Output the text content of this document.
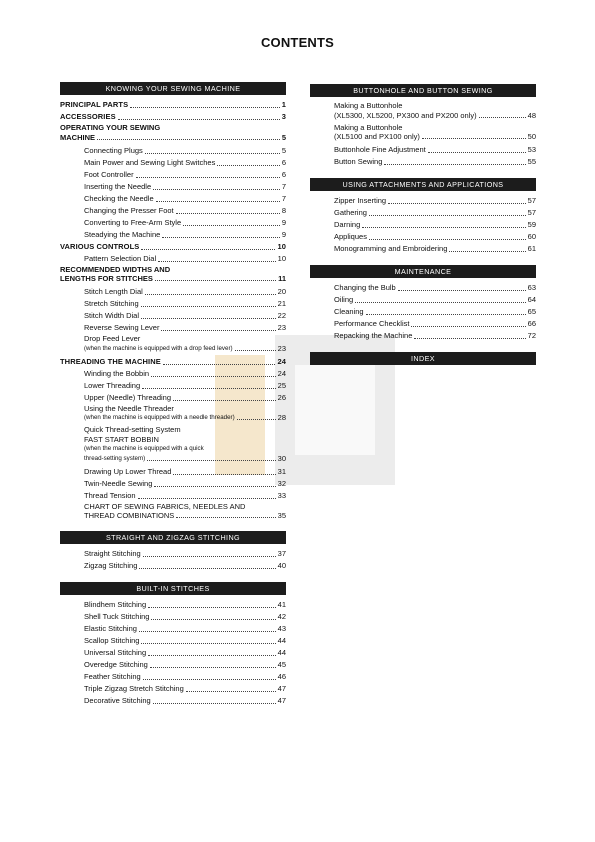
CONTENTS
KNOWING YOUR SEWING MACHINE
PRINCIPAL PARTS	1
ACCESSORIES	3
OPERATING YOUR SEWING
MACHINE	5
Connecting Plugs	5
Main Power and Sewing Light Switches	6
Foot Controller	6
Inserting the Needle	7
Checking the Needle	7
Changing the Presser Foot	8
Converting to Free-Arm Style	9
Steadying the Machine	9
VARIOUS CONTROLS	10
Pattern Selection Dial	10
RECOMMENDED WIDTHS AND
LENGTHS FOR STITCHES	11
Stitch Length Dial	20
Stretch Stitching	21
Stitch Width Dial	22
Reverse Sewing Lever	23
Drop Feed Lever
(when the machine is equipped with a drop feed lever)	23
THREADING THE MACHINE	24
Winding the Bobbin	24
Lower Threading	25
Upper (Needle) Threading	26
Using the Needle Threader
(when the machine is equipped with a needle threader)	28
Quick Thread-setting System
FAST START BOBBIN
(when the machine is equipped with a quick
thread-setting system)	30
Drawing Up Lower Thread	31
Twin-Needle Sewing	32
Thread Tension	33
CHART OF SEWING FABRICS, NEEDLES AND
THREAD COMBINATIONS	35
STRAIGHT AND ZIGZAG STITCHING
Straight Stitching	37
Zigzag Stitching	40
BUILT-IN STITCHES
Blindhem Stitching	41
Shell Tuck Stitching	42
Elastic Stitching	43
Scallop Stitching	44
Universal Stitching	44
Overedge Stitching	45
Feather Stitching	46
Triple Zigzag Stretch Stitching	47
Decorative Stitching	47
BUTTONHOLE AND BUTTON SEWING
Making a Buttonhole
(XL5300, XL5200, PX300 and PX200 only)	48
Making a Buttonhole
(XL5100 and PX100 only)	50
Buttonhole Fine Adjustment	53
Button Sewing	55
USING ATTACHMENTS AND APPLICATIONS
Zipper Inserting	57
Gathering	57
Darning	59
Appliques	60
Monogramming and Embroidering	61
MAINTENANCE
Changing the Bulb	63
Oiling	64
Cleaning	65
Performance Checklist	66
Repacking the Machine	72
INDEX
